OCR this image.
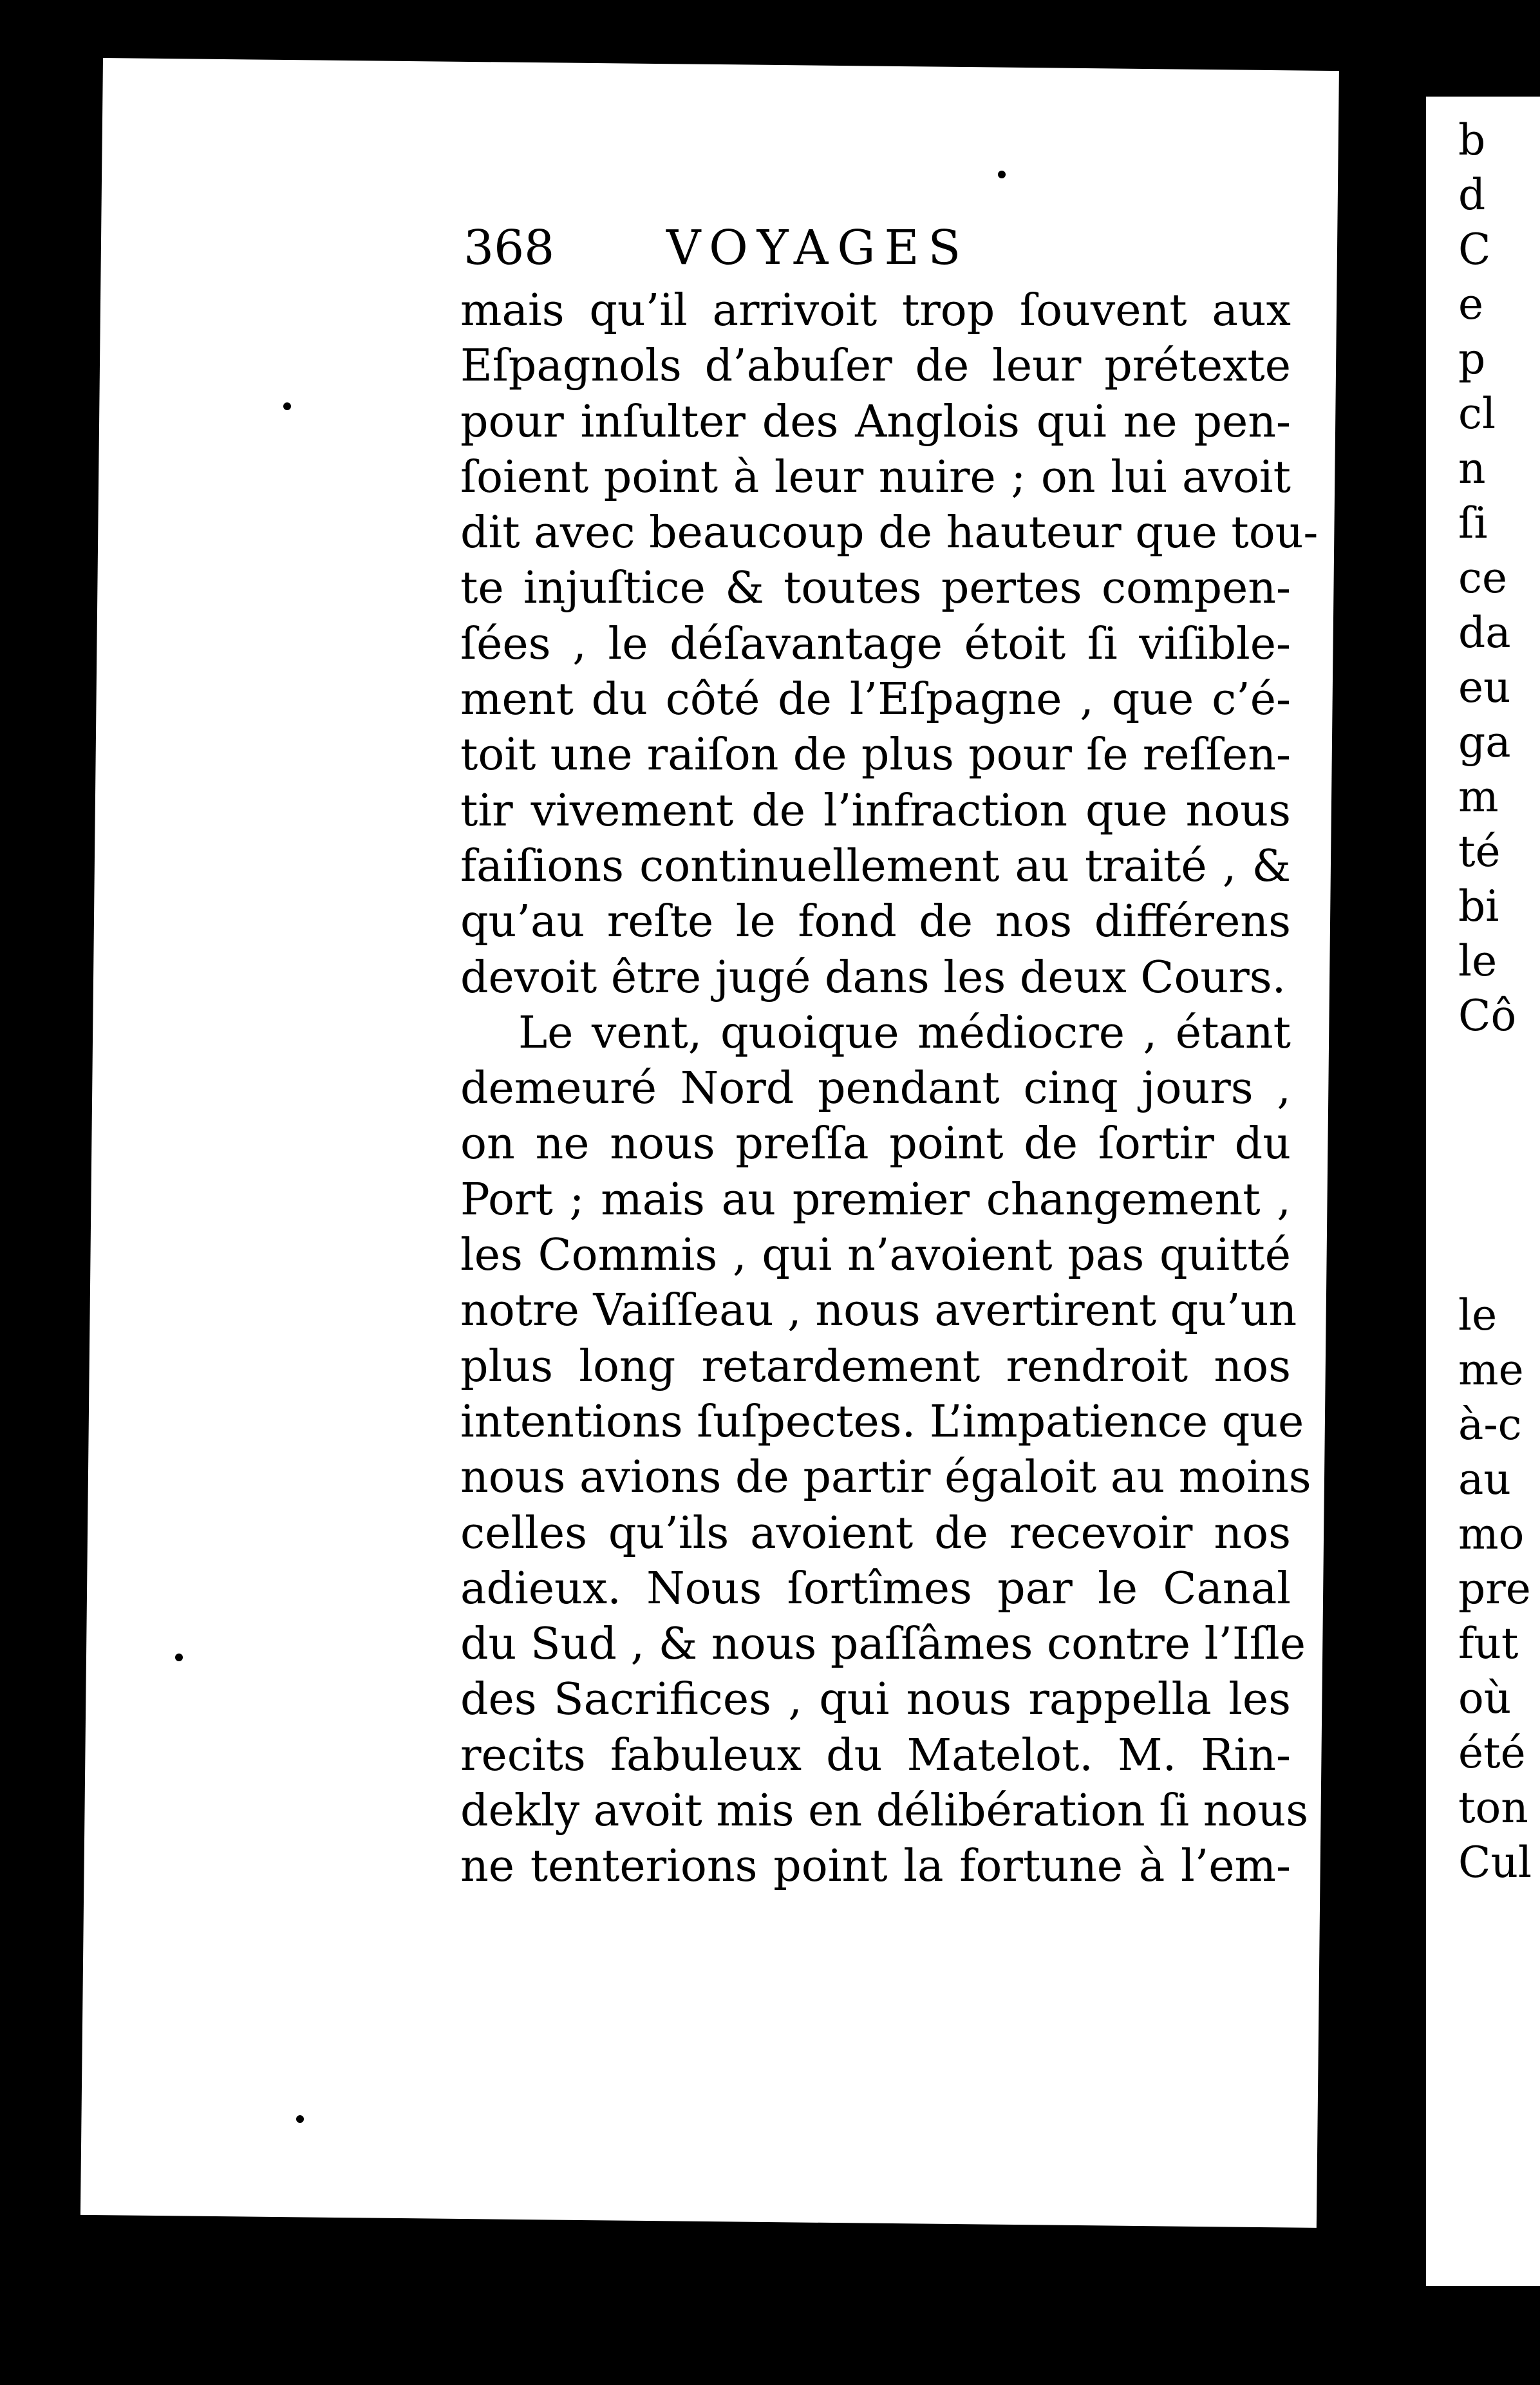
b
d
C
e
p
cl
n
ſi
ce
da
eu
ga
m
té
bi
le
Cô
le
me
à-c
au
mo
pre
fut
où
été
ton
Cul
368 VOYAGES
mais qu’il arrivoit trop ſouvent aux
Eſpagnols d’abuſer de leur prétexte
pour inſulter des Anglois qui ne pen-
ſoient point à leur nuire ; on lui avoit
dit avec beaucoup de hauteur que tou-
te injuſtice & toutes pertes compen-
ſées , le déſavantage étoit ſi viſible-
ment du côté de l’Eſpagne , que c’é-
toit une raiſon de plus pour ſe reſſen-
tir vivement de l’infraction que nous
faiſions continuellement au traité , &
qu’au reſte le fond de nos différens
devoit être jugé dans les deux Cours.
Le vent, quoique médiocre , étant
demeuré Nord pendant cinq jours ,
on ne nous preſſa point de ſortir du
Port ; mais au premier changement ,
les Commis , qui n’avoient pas quitté
notre Vaiſſeau , nous avertirent qu’un
plus long retardement rendroit nos
intentions ſuſpectes. L’impatience que
nous avions de partir égaloit au moins
celles qu’ils avoient de recevoir nos
adieux. Nous ſortîmes par le Canal
du Sud , & nous paſſâmes contre l’Iſle
des Sacrifices , qui nous rappella les
recits fabuleux du Matelot. M. Rin-
dekly avoit mis en délibération ſi nous
ne tenterions point la fortune à l’em-
